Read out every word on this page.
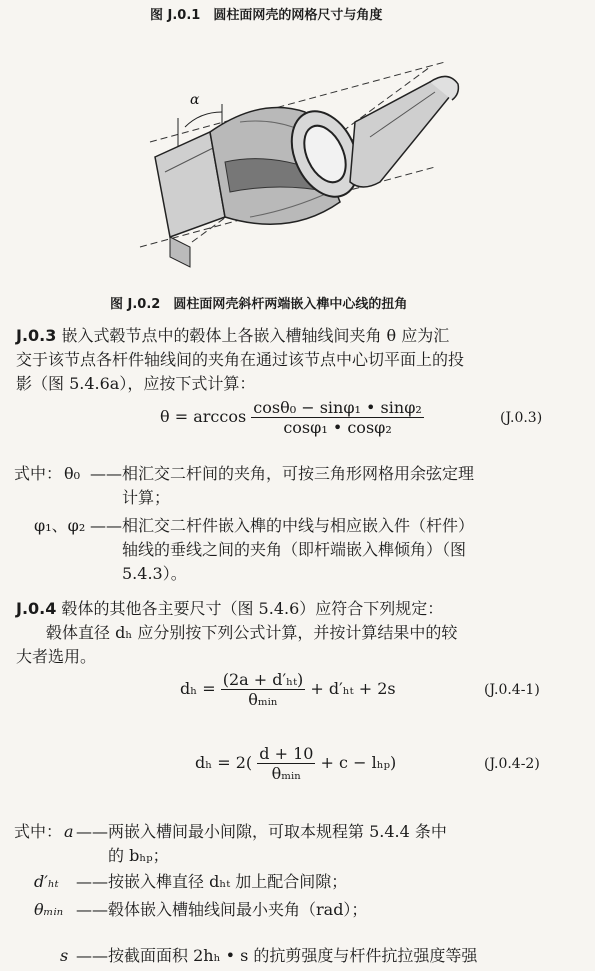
图 J.0.1　圆柱面网壳的网格尺寸与角度
α
图 J.0.2　圆柱面网壳斜杆两端嵌入榫中心线的扭角
J.0.3 嵌入式毂节点中的毂体上各嵌入槽轴线间夹角 θ 应为汇
交于该节点各杆件轴线间的夹角在通过该节点中心切平面上的投
影（图 5.4.6a），应按下式计算：
$\theta = \arccos \frac{\text{cosθ₀ − sinφ₁ • sinφ₂}}{\text{cosφ₁ • cosφ₂}}$	(J.0.3)
式中： θ₀ ——相汇交二杆间的夹角，可按三角形网格用余弦定理
计算；
φ₁、φ₂ ——相汇交二杆件嵌入榫的中线与相应嵌入件（杆件）
轴线的垂线之间的夹角（即杆端嵌入榫倾角）（图
5.4.3）。
J.0.4 毂体的其他各主要尺寸（图 5.4.6）应符合下列规定：
毂体直径 dₕ 应分别按下列公式计算，并按计算结果中的较
大者选用。
$d_h = \frac{\text{(2a + d′ₕₜ)}}{\text{θₘᵢₙ}} + d'_{ht} + 2s$	(J.0.4-1)
$d_h = 2( \frac{d + 10}{\text{θₘᵢₙ}} + c - l_{hp})$	(J.0.4-2)
式中： a ——两嵌入槽间最小间隙，可取本规程第 5.4.4 条中
的 bₕₚ；
d′ₕₜ ——按嵌入榫直径 dₕₜ 加上配合间隙；
θₘᵢₙ ——毂体嵌入槽轴线间最小夹角（rad）；
s ——按截面面积 2hₕ • s 的抗剪强度与杆件抗拉强度等强
